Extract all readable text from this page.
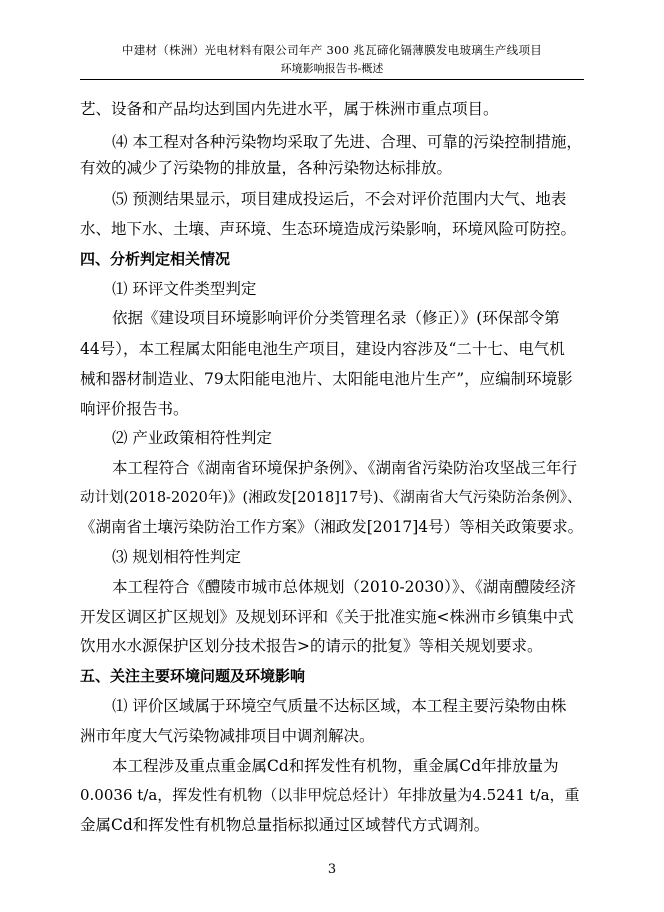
中建材（株洲）光电材料有限公司年产 300 兆瓦碲化镉薄膜发电玻璃生产线项目
环境影响报告书-概述
艺、设备和产品均达到国内先进水平，属于株洲市重点项目。
⑷ 本工程对各种污染物均采取了先进、合理、可靠的污染控制措施，
有效的减少了污染物的排放量，各种污染物达标排放。
⑸ 预测结果显示，项目建成投运后，不会对评价范围内大气、地表
水、地下水、土壤、声环境、生态环境造成污染影响，环境风险可防控。
四、分析判定相关情况
⑴ 环评文件类型判定
依据《建设项目环境影响评价分类管理名录（修正）》(环保部令第
44号），本工程属太阳能电池生产项目，建设内容涉及“二十七、电气机
械和器材制造业、79太阳能电池片、太阳能电池片生产”，应编制环境影
响评价报告书。
⑵ 产业政策相符性判定
本工程符合《湖南省环境保护条例》、《湖南省污染防治攻坚战三年行
动计划(2018-2020年)》(湘政发[2018]17号)、《湖南省大气污染防治条例》、
《湖南省土壤污染防治工作方案》（湘政发[2017]4号）等相关政策要求。
⑶ 规划相符性判定
本工程符合《醴陵市城市总体规划（2010-2030）》、《湖南醴陵经济
开发区调区扩区规划》及规划环评和《关于批准实施<株洲市乡镇集中式
饮用水水源保护区划分技术报告>的请示的批复》等相关规划要求。
五、关注主要环境问题及环境影响
⑴ 评价区域属于环境空气质量不达标区域，本工程主要污染物由株
洲市年度大气污染物减排项目中调剂解决。
本工程涉及重点重金属Cd和挥发性有机物，重金属Cd年排放量为
0.0036 t/a，挥发性有机物（以非甲烷总烃计）年排放量为4.5241 t/a，重
金属Cd和挥发性有机物总量指标拟通过区域替代方式调剂。
3
